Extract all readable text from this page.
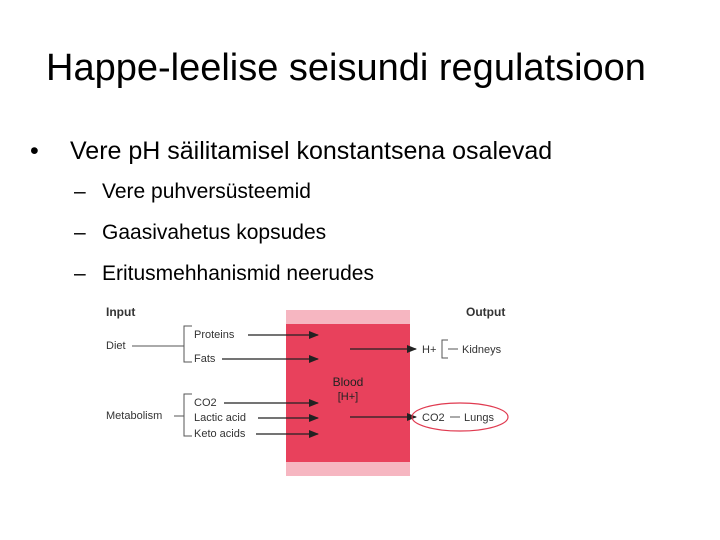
Happe-leelise seisundi regulatsioon
• Vere pH säilitamisel konstantsena osalevad
– Vere puhversüsteemid
– Gaasivahetus kopsudes
– Eritusmehhanismid neerudes
Input	Output
Blood
[H+]
Diet
Proteins
Fats
Metabolism
CO2
Lactic acid
Keto acids
H+ Kidneys
CO2 Lungs
